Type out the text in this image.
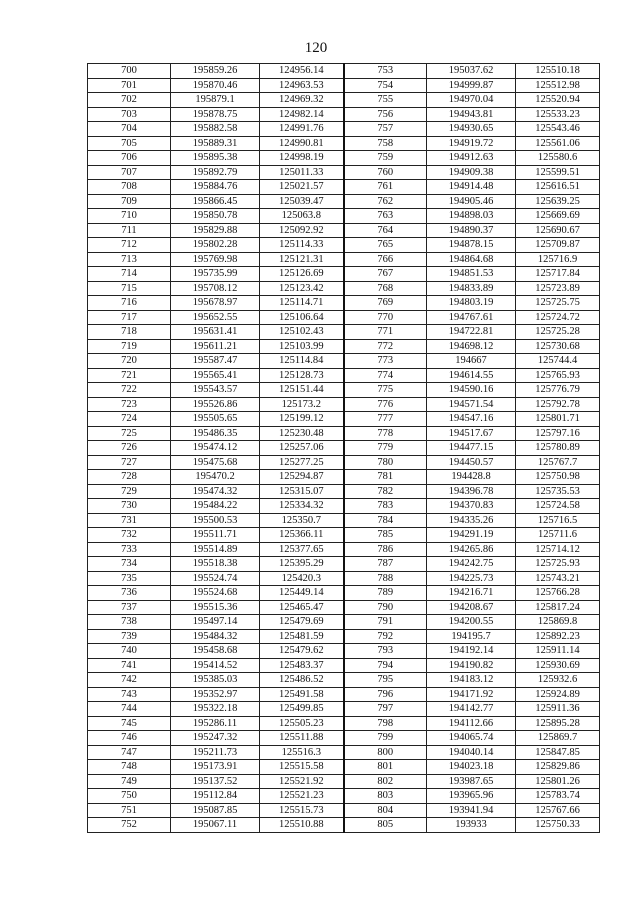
120
700	195859.26	124956.14	753	195037.62	125510.18
701	195870.46	124963.53	754	194999.87	125512.98
702	195879.1	124969.32	755	194970.04	125520.94
703	195878.75	124982.14	756	194943.81	125533.23
704	195882.58	124991.76	757	194930.65	125543.46
705	195889.31	124990.81	758	194919.72	125561.06
706	195895.38	124998.19	759	194912.63	125580.6
707	195892.79	125011.33	760	194909.38	125599.51
708	195884.76	125021.57	761	194914.48	125616.51
709	195866.45	125039.47	762	194905.46	125639.25
710	195850.78	125063.8	763	194898.03	125669.69
711	195829.88	125092.92	764	194890.37	125690.67
712	195802.28	125114.33	765	194878.15	125709.87
713	195769.98	125121.31	766	194864.68	125716.9
714	195735.99	125126.69	767	194851.53	125717.84
715	195708.12	125123.42	768	194833.89	125723.89
716	195678.97	125114.71	769	194803.19	125725.75
717	195652.55	125106.64	770	194767.61	125724.72
718	195631.41	125102.43	771	194722.81	125725.28
719	195611.21	125103.99	772	194698.12	125730.68
720	195587.47	125114.84	773	194667	125744.4
721	195565.41	125128.73	774	194614.55	125765.93
722	195543.57	125151.44	775	194590.16	125776.79
723	195526.86	125173.2	776	194571.54	125792.78
724	195505.65	125199.12	777	194547.16	125801.71
725	195486.35	125230.48	778	194517.67	125797.16
726	195474.12	125257.06	779	194477.15	125780.89
727	195475.68	125277.25	780	194450.57	125767.7
728	195470.2	125294.87	781	194428.8	125750.98
729	195474.32	125315.07	782	194396.78	125735.53
730	195484.22	125334.32	783	194370.83	125724.58
731	195500.53	125350.7	784	194335.26	125716.5
732	195511.71	125366.11	785	194291.19	125711.6
733	195514.89	125377.65	786	194265.86	125714.12
734	195518.38	125395.29	787	194242.75	125725.93
735	195524.74	125420.3	788	194225.73	125743.21
736	195524.68	125449.14	789	194216.71	125766.28
737	195515.36	125465.47	790	194208.67	125817.24
738	195497.14	125479.69	791	194200.55	125869.8
739	195484.32	125481.59	792	194195.7	125892.23
740	195458.68	125479.62	793	194192.14	125911.14
741	195414.52	125483.37	794	194190.82	125930.69
742	195385.03	125486.52	795	194183.12	125932.6
743	195352.97	125491.58	796	194171.92	125924.89
744	195322.18	125499.85	797	194142.77	125911.36
745	195286.11	125505.23	798	194112.66	125895.28
746	195247.32	125511.88	799	194065.74	125869.7
747	195211.73	125516.3	800	194040.14	125847.85
748	195173.91	125515.58	801	194023.18	125829.86
749	195137.52	125521.92	802	193987.65	125801.26
750	195112.84	125521.23	803	193965.96	125783.74
751	195087.85	125515.73	804	193941.94	125767.66
752	195067.11	125510.88	805	193933	125750.33
